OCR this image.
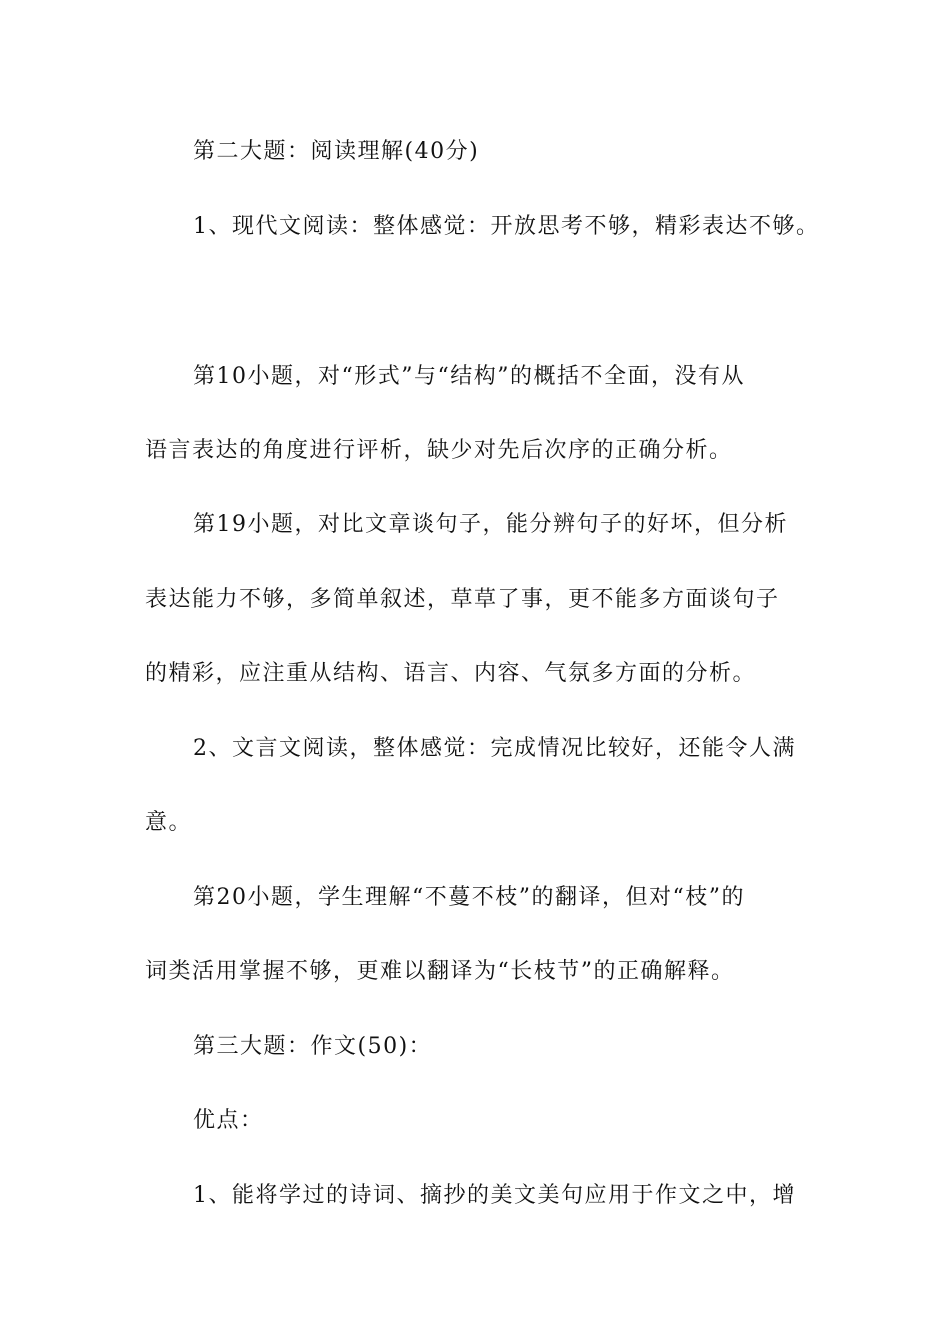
第二大题：阅读理解(40分)
1、现代文阅读：整体感觉：开放思考不够，精彩表达不够。
第10小题，对“形式”与“结构”的概括不全面，没有从
语言表达的角度进行评析，缺少对先后次序的正确分析。
第19小题，对比文章谈句子，能分辨句子的好坏，但分析
表达能力不够，多简单叙述，草草了事，更不能多方面谈句子
的精彩，应注重从结构、语言、内容、气氛多方面的分析。
2、文言文阅读，整体感觉：完成情况比较好，还能令人满
意。
第20小题，学生理解“不蔓不枝”的翻译，但对“枝”的
词类活用掌握不够，更难以翻译为“长枝节”的正确解释。
第三大题：作文(50)：
优点：
1、能将学过的诗词、摘抄的美文美句应用于作文之中，增
